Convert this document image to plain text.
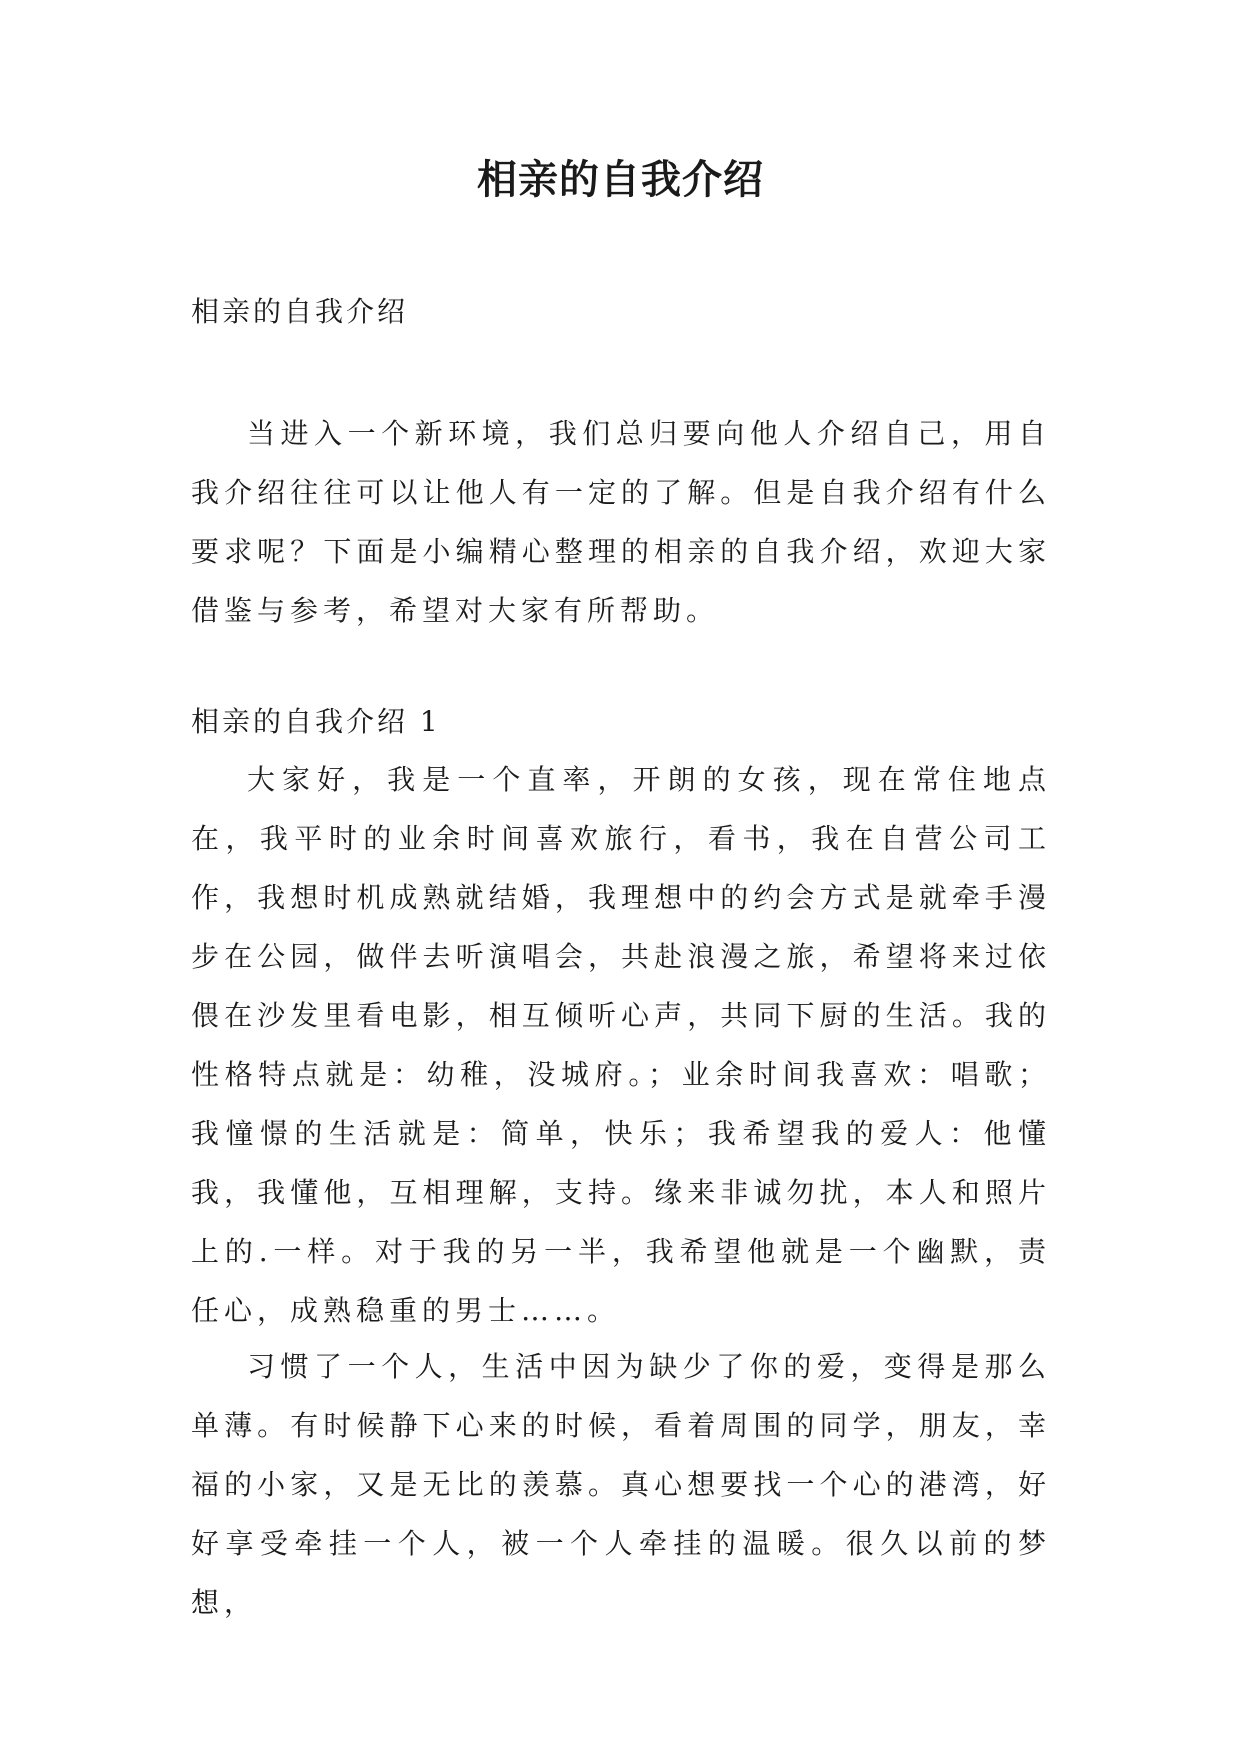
相亲的自我介绍

相亲的自我介绍

当进入一个新环境，我们总归要向他人介绍自己，用自我介绍往往可以让他人有一定的了解。但是自我介绍有什么要求呢？下面是小编精心整理的相亲的自我介绍，欢迎大家借鉴与参考，希望对大家有所帮助。

相亲的自我介绍 1

大家好，我是一个直率，开朗的女孩，现在常住地点在，我平时的业余时间喜欢旅行，看书，我在自营公司工作，我想时机成熟就结婚，我理想中的约会方式是就牵手漫步在公园，做伴去听演唱会，共赴浪漫之旅，希望将来过依偎在沙发里看电影，相互倾听心声，共同下厨的生活。我的性格特点就是：幼稚，没城府。；业余时间我喜欢：唱歌；我憧憬的生活就是：简单，快乐；我希望我的爱人：他懂我，我懂他，互相理解，支持。缘来非诚勿扰，本人和照片上的.一样。对于我的另一半，我希望他就是一个幽默，责任心，成熟稳重的男士……。

习惯了一个人，生活中因为缺少了你的爱，变得是那么单薄。有时候静下心来的时候，看着周围的同学，朋友，幸福的小家，又是无比的羡慕。真心想要找一个心的港湾，好好享受牵挂一个人，被一个人牵挂的温暖。很久以前的梦想，
